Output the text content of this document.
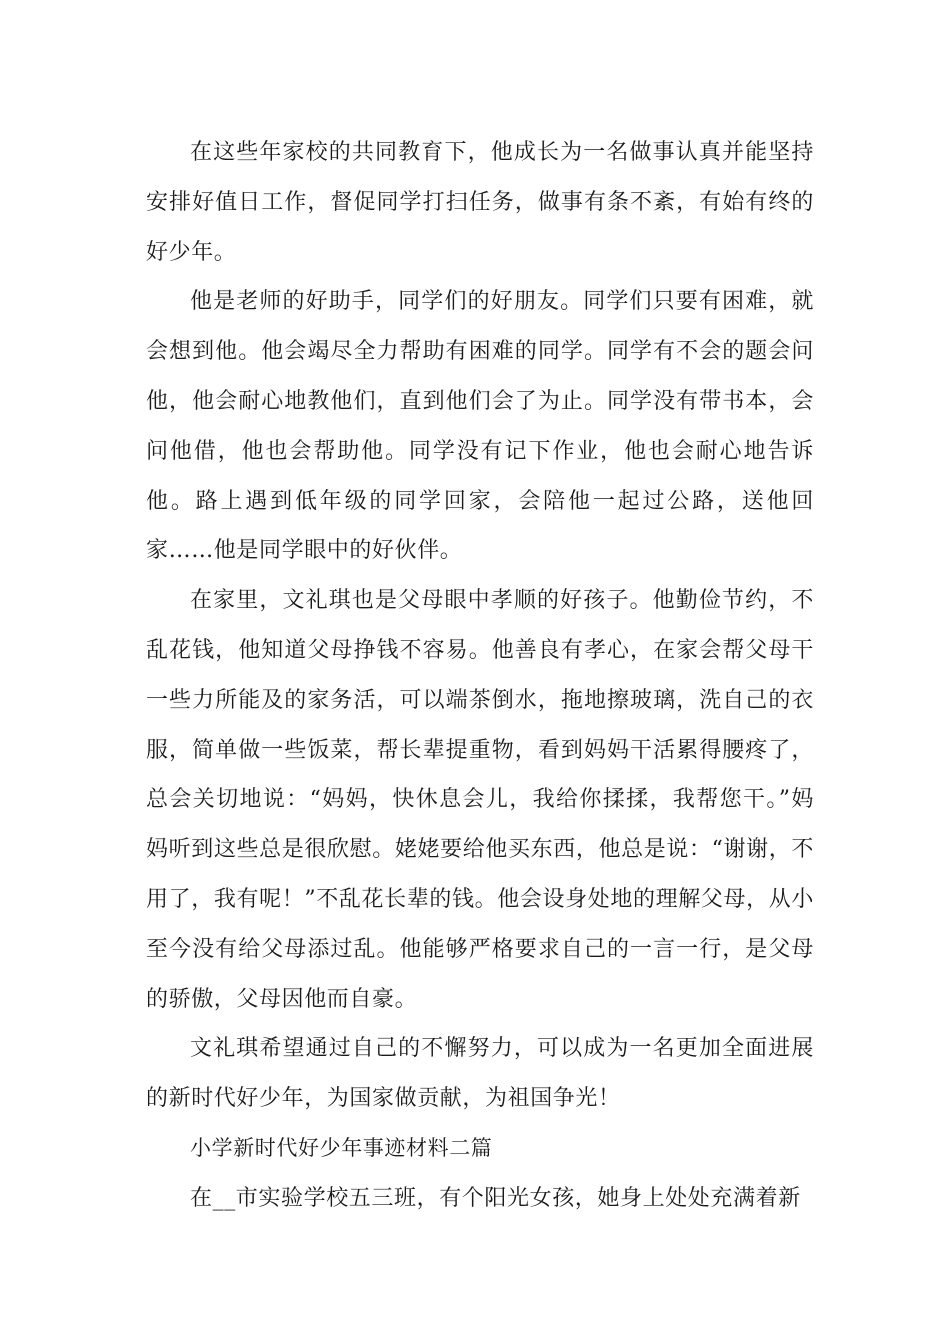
在这些年家校的共同教育下，他成长为一名做事认真并能坚持安排好值日工作，督促同学打扫任务，做事有条不紊，有始有终的好少年。

他是老师的好助手，同学们的好朋友。同学们只要有困难，就会想到他。他会竭尽全力帮助有困难的同学。同学有不会的题会问他，他会耐心地教他们，直到他们会了为止。同学没有带书本，会问他借，他也会帮助他。同学没有记下作业，他也会耐心地告诉他。路上遇到低年级的同学回家，会陪他一起过公路，送他回家……他是同学眼中的好伙伴。

在家里，文礼琪也是父母眼中孝顺的好孩子。他勤俭节约，不乱花钱，他知道父母挣钱不容易。他善良有孝心，在家会帮父母干一些力所能及的家务活，可以端茶倒水，拖地擦玻璃，洗自己的衣服，简单做一些饭菜，帮长辈提重物，看到妈妈干活累得腰疼了，总会关切地说：“妈妈，快休息会儿，我给你揉揉，我帮您干。”妈妈听到这些总是很欣慰。姥姥要给他买东西，他总是说：“谢谢，不用了，我有呢！”不乱花长辈的钱。他会设身处地的理解父母，从小至今没有给父母添过乱。他能够严格要求自己的一言一行，是父母的骄傲，父母因他而自豪。

文礼琪希望通过自己的不懈努力，可以成为一名更加全面进展的新时代好少年，为国家做贡献，为祖国争光！

小学新时代好少年事迹材料二篇

在__市实验学校五三班，有个阳光女孩，她身上处处充满着新
